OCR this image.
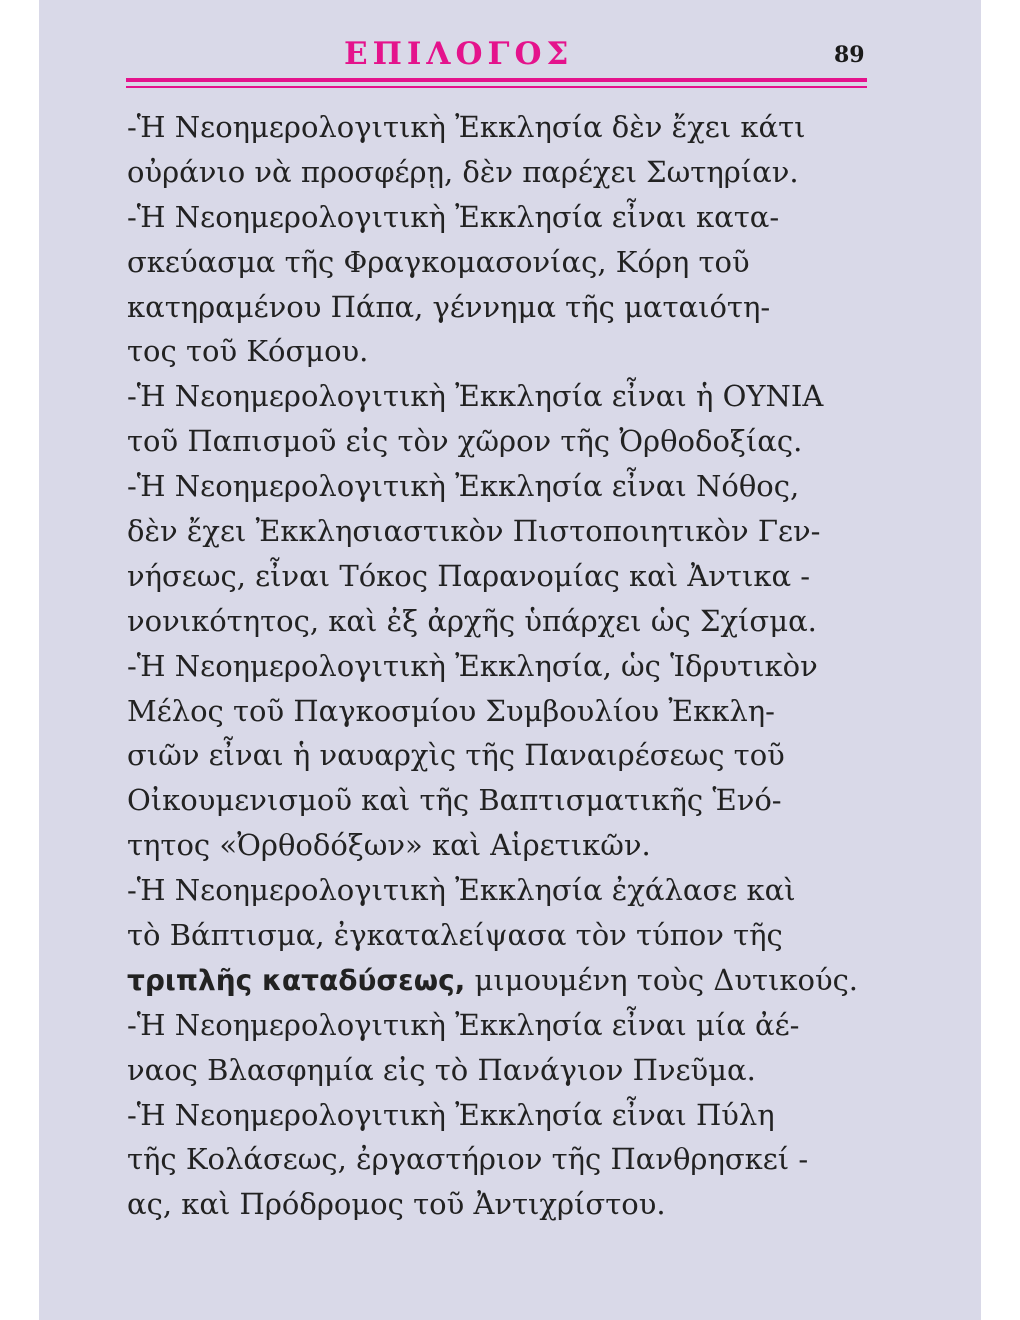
ΕΠΙΛΟΓΟΣ	89
-Ἡ Νεοημερολογιτικὴ Ἐκκλησία δὲν ἔχει κάτι
οὐράνιο νὰ προσφέρῃ, δὲν παρέχει Σωτηρίαν.
-Ἡ Νεοημερολογιτικὴ Ἐκκλησία εἶναι κατα-
σκεύασμα τῆς Φραγκομασονίας, Κόρη τοῦ
κατηραμένου Πάπα, γέννημα τῆς ματαιότη-
τος τοῦ Κόσμου.
-Ἡ Νεοημερολογιτικὴ Ἐκκλησία εἶναι ἡ ΟΥΝΙΑ
τοῦ Παπισμοῦ εἰς τὸν χῶρον τῆς Ὀρθοδοξίας.
-Ἡ Νεοημερολογιτικὴ Ἐκκλησία εἶναι Νόθος,
δὲν ἔχει Ἐκκλησιαστικὸν Πιστοποιητικὸν Γεν-
νήσεως, εἶναι Τόκος Παρανομίας καὶ Ἀντικα -
νονικότητος, καὶ ἐξ ἀρχῆς ὑπάρχει ὡς Σχίσμα.
-Ἡ Νεοημερολογιτικὴ Ἐκκλησία, ὡς Ἱδρυτικὸν
Μέλος τοῦ Παγκοσμίου Συμβουλίου Ἐκκλη-
σιῶν εἶναι ἡ ναυαρχὶς τῆς Παναιρέσεως τοῦ
Οἰκουμενισμοῦ καὶ τῆς Βαπτισματικῆς Ἑνό-
τητος «Ὀρθοδόξων» καὶ Αἱρετικῶν.
-Ἡ Νεοημερολογιτικὴ Ἐκκλησία ἐχάλασε καὶ
τὸ Βάπτισμα, ἐγκαταλείψασα τὸν τύπον τῆς
τριπλῆς καταδύσεως, μιμουμένη τοὺς Δυτικούς.
-Ἡ Νεοημερολογιτικὴ Ἐκκλησία εἶναι μία ἀέ-
ναος Βλασφημία εἰς τὸ Πανάγιον Πνεῦμα.
-Ἡ Νεοημερολογιτικὴ Ἐκκλησία εἶναι Πύλη
τῆς Κολάσεως, ἐργαστήριον τῆς Πανθρησκεί -
ας, καὶ Πρόδρομος τοῦ Ἀντιχρίστου.
